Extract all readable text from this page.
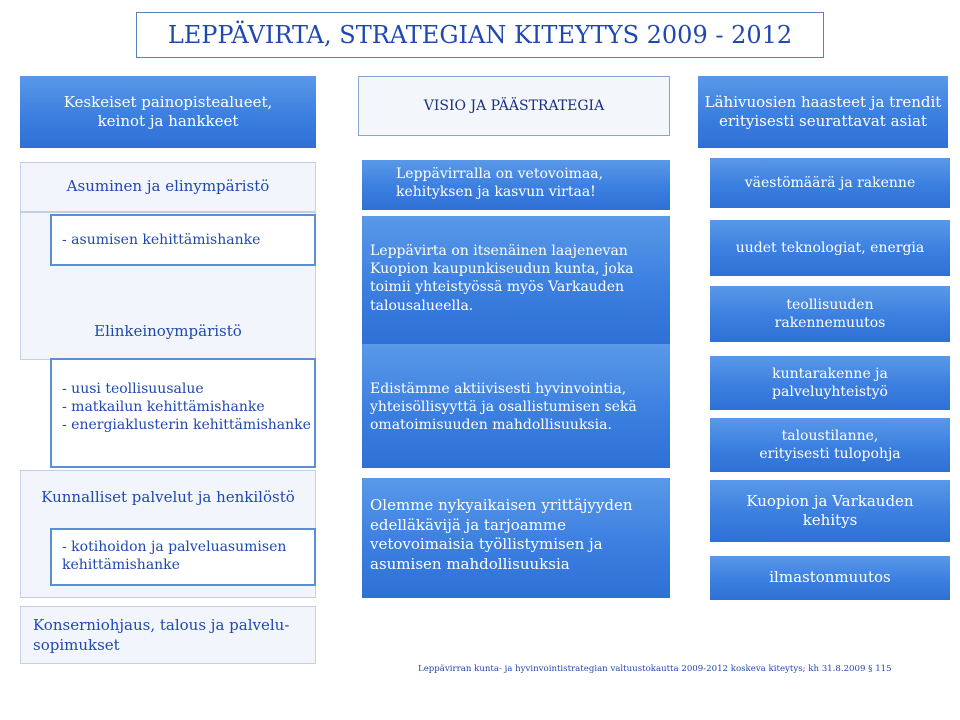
LEPPÄVIRTA, STRATEGIAN KITEYTYS 2009 - 2012
Keskeiset painopistealueet,
keinot ja hankkeet
VISIO JA PÄÄSTRATEGIA	Lähivuosien haasteet ja trendit
erityisesti seurattavat asiat
Asuminen ja elinympäristö
- asumisen kehittämishanke
Elinkeinoympäristö
- uusi teollisuusalue
- matkailun kehittämishanke
- energiaklusterin kehittämishanke
Kunnalliset palvelut ja henkilöstö
- kotihoidon ja palveluasumisen
kehittämishanke
Konserniohjaus, talous ja palvelu-
sopimukset
Leppävirralla on vetovoimaa,
kehityksen ja kasvun virtaa!
Leppävirta on itsenäinen laajenevan
Kuopion kaupunkiseudun kunta, joka
toimii yhteistyössä myös Varkauden
talousalueella.
Edistämme aktiivisesti hyvinvointia,
yhteisöllisyyttä ja osallistumisen sekä
omatoimisuuden mahdollisuuksia.
Olemme nykyaikaisen yrittäjyyden
edelläkävijä ja tarjoamme
vetovoimaisia työllistymisen ja
asumisen mahdollisuuksia
väestömäärä ja rakenne
uudet teknologiat, energia
teollisuuden
rakennemuutos
kuntarakenne ja
palveluyhteistyö
taloustilanne,
erityisesti tulopohja
Kuopion ja Varkauden
kehitys
ilmastonmuutos
Leppävirran kunta- ja hyvinvointistrategian valtuustokautta 2009-2012 koskeva kiteytys; kh 31.8.2009 § 115
